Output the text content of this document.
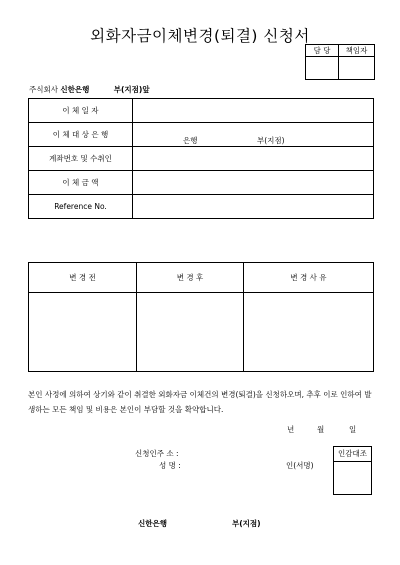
외화자금이체변경(퇴결) 신청서
담 당	책임자

주식회사 신한은행	부(지점)앞
이 체 일 자	
이 체 대 상 은 행	은행 부(지점)

계좌번호 및 수취인	
이 체 금 액	
Reference No.	
변 경 전	변 경 후	변 경 사 유

본인 사정에 의하여 상기와 같이 취결한 외화자금 이체건의 변경(퇴결)을 신청하오며, 추후 이로 인하여 발생하는 모든 책임 및 비용은 본인이 부담할 것을 확약합니다.
년	월	일
신청인주 소 :
성 명 :	인(서명)
인감대조
신한은행	부(지점)
